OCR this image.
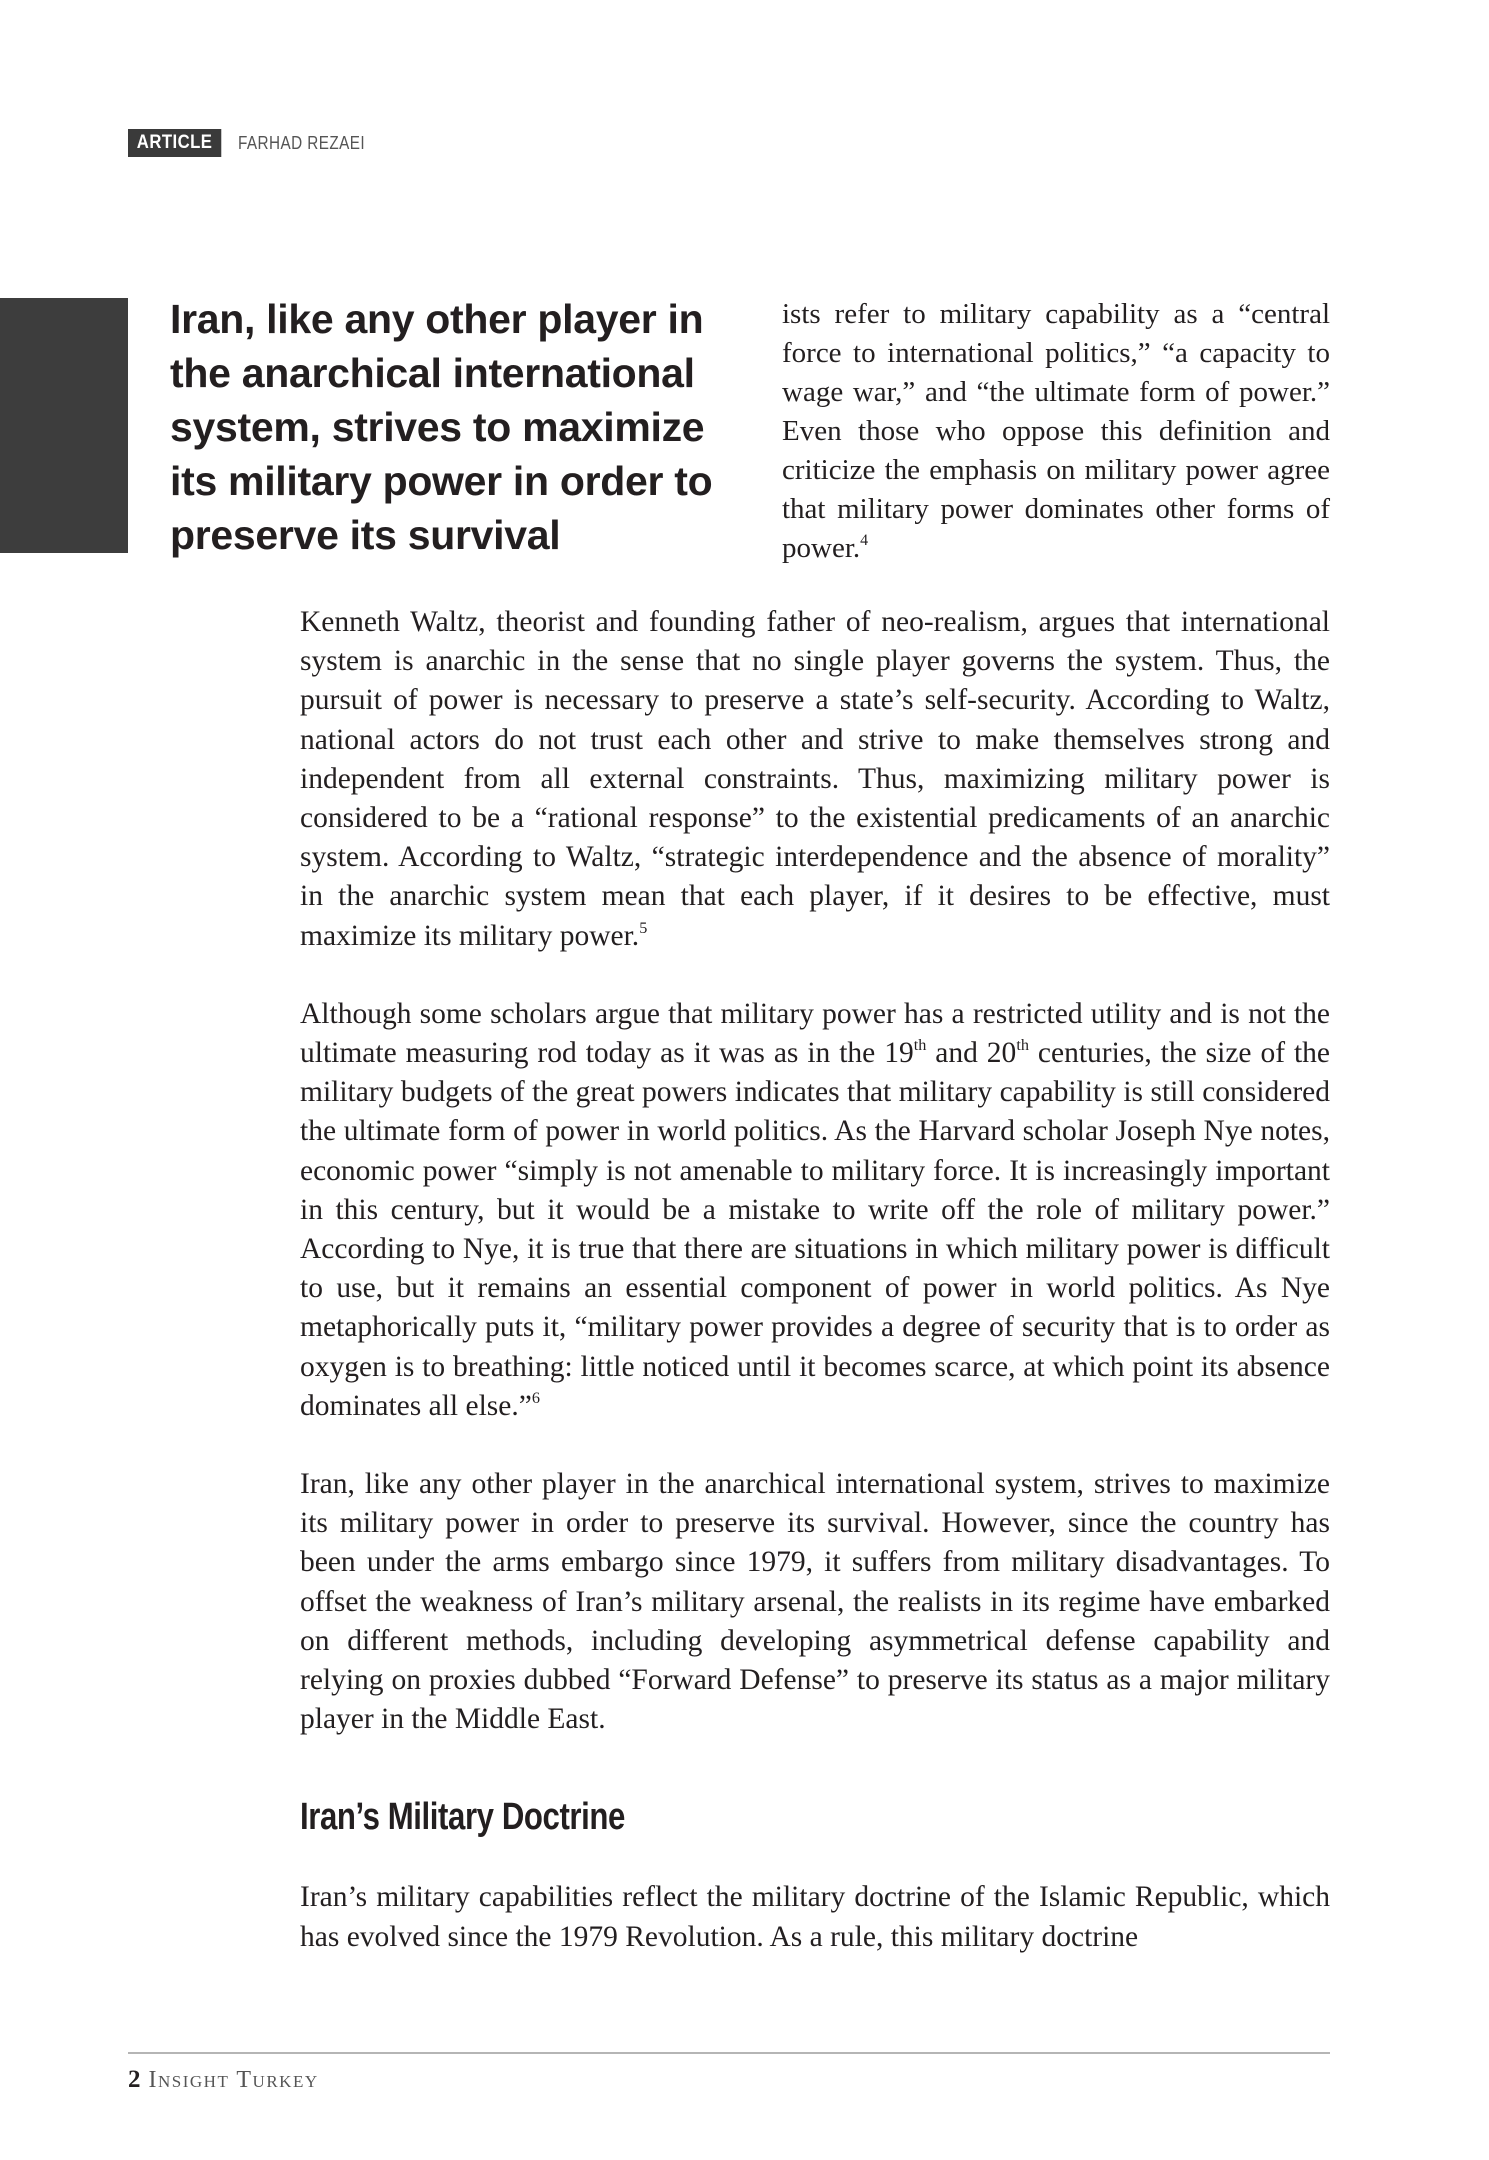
ARTICLE	FARHAD REZAEI
Iran, like any other player in the anarchical international system, strives to maximize its military power in order to preserve its survival
ists refer to military capability as a “central force to international politics,” “a capacity to wage war,” and “the ultimate form of power.” Even those who oppose this definition and criticize the emphasis on military power agree that military power dominates other forms of power.$^4$

Kenneth Waltz, theorist and founding father of neo-realism, argues that international system is anarchic in the sense that no single player governs the system. Thus, the pursuit of power is necessary to preserve a state’s self-security. According to Waltz, national actors do not trust each other and strive to make themselves strong and independent from all external constraints. Thus, maximizing military power is considered to be a “rational response” to the existential predicaments of an anarchic system. According to Waltz, “strategic interdependence and the absence of morality” in the anarchic system mean that each player, if it desires to be effective, must maximize its military power.$^5$

Although some scholars argue that military power has a restricted utility and is not the ultimate measuring rod today as it was as in the 19th and 20th centuries, the size of the military budgets of the great powers indicates that military capability is still considered the ultimate form of power in world politics. As the Harvard scholar Joseph Nye notes, economic power “simply is not amenable to military force. It is increasingly important in this century, but it would be a mistake to write off the role of military power.” According to Nye, it is true that there are situations in which military power is difficult to use, but it remains an essential component of power in world politics. As Nye metaphorically puts it, “military power provides a degree of security that is to order as oxygen is to breathing: little noticed until it becomes scarce, at which point its absence dominates all else.”$^6$

Iran, like any other player in the anarchical international system, strives to maximize its military power in order to preserve its survival. However, since the country has been under the arms embargo since 1979, it suffers from military disadvantages. To offset the weakness of Iran’s military arsenal, the realists in its regime have embarked on different methods, including developing asymmetrical defense capability and relying on proxies dubbed “Forward Defense” to preserve its status as a major military player in the Middle East.

Iran’s Military Doctrine

Iran’s military capabilities reflect the military doctrine of the Islamic Republic, which has evolved since the 1979 Revolution. As a rule, this military doctrine

2 Insight Turkey
